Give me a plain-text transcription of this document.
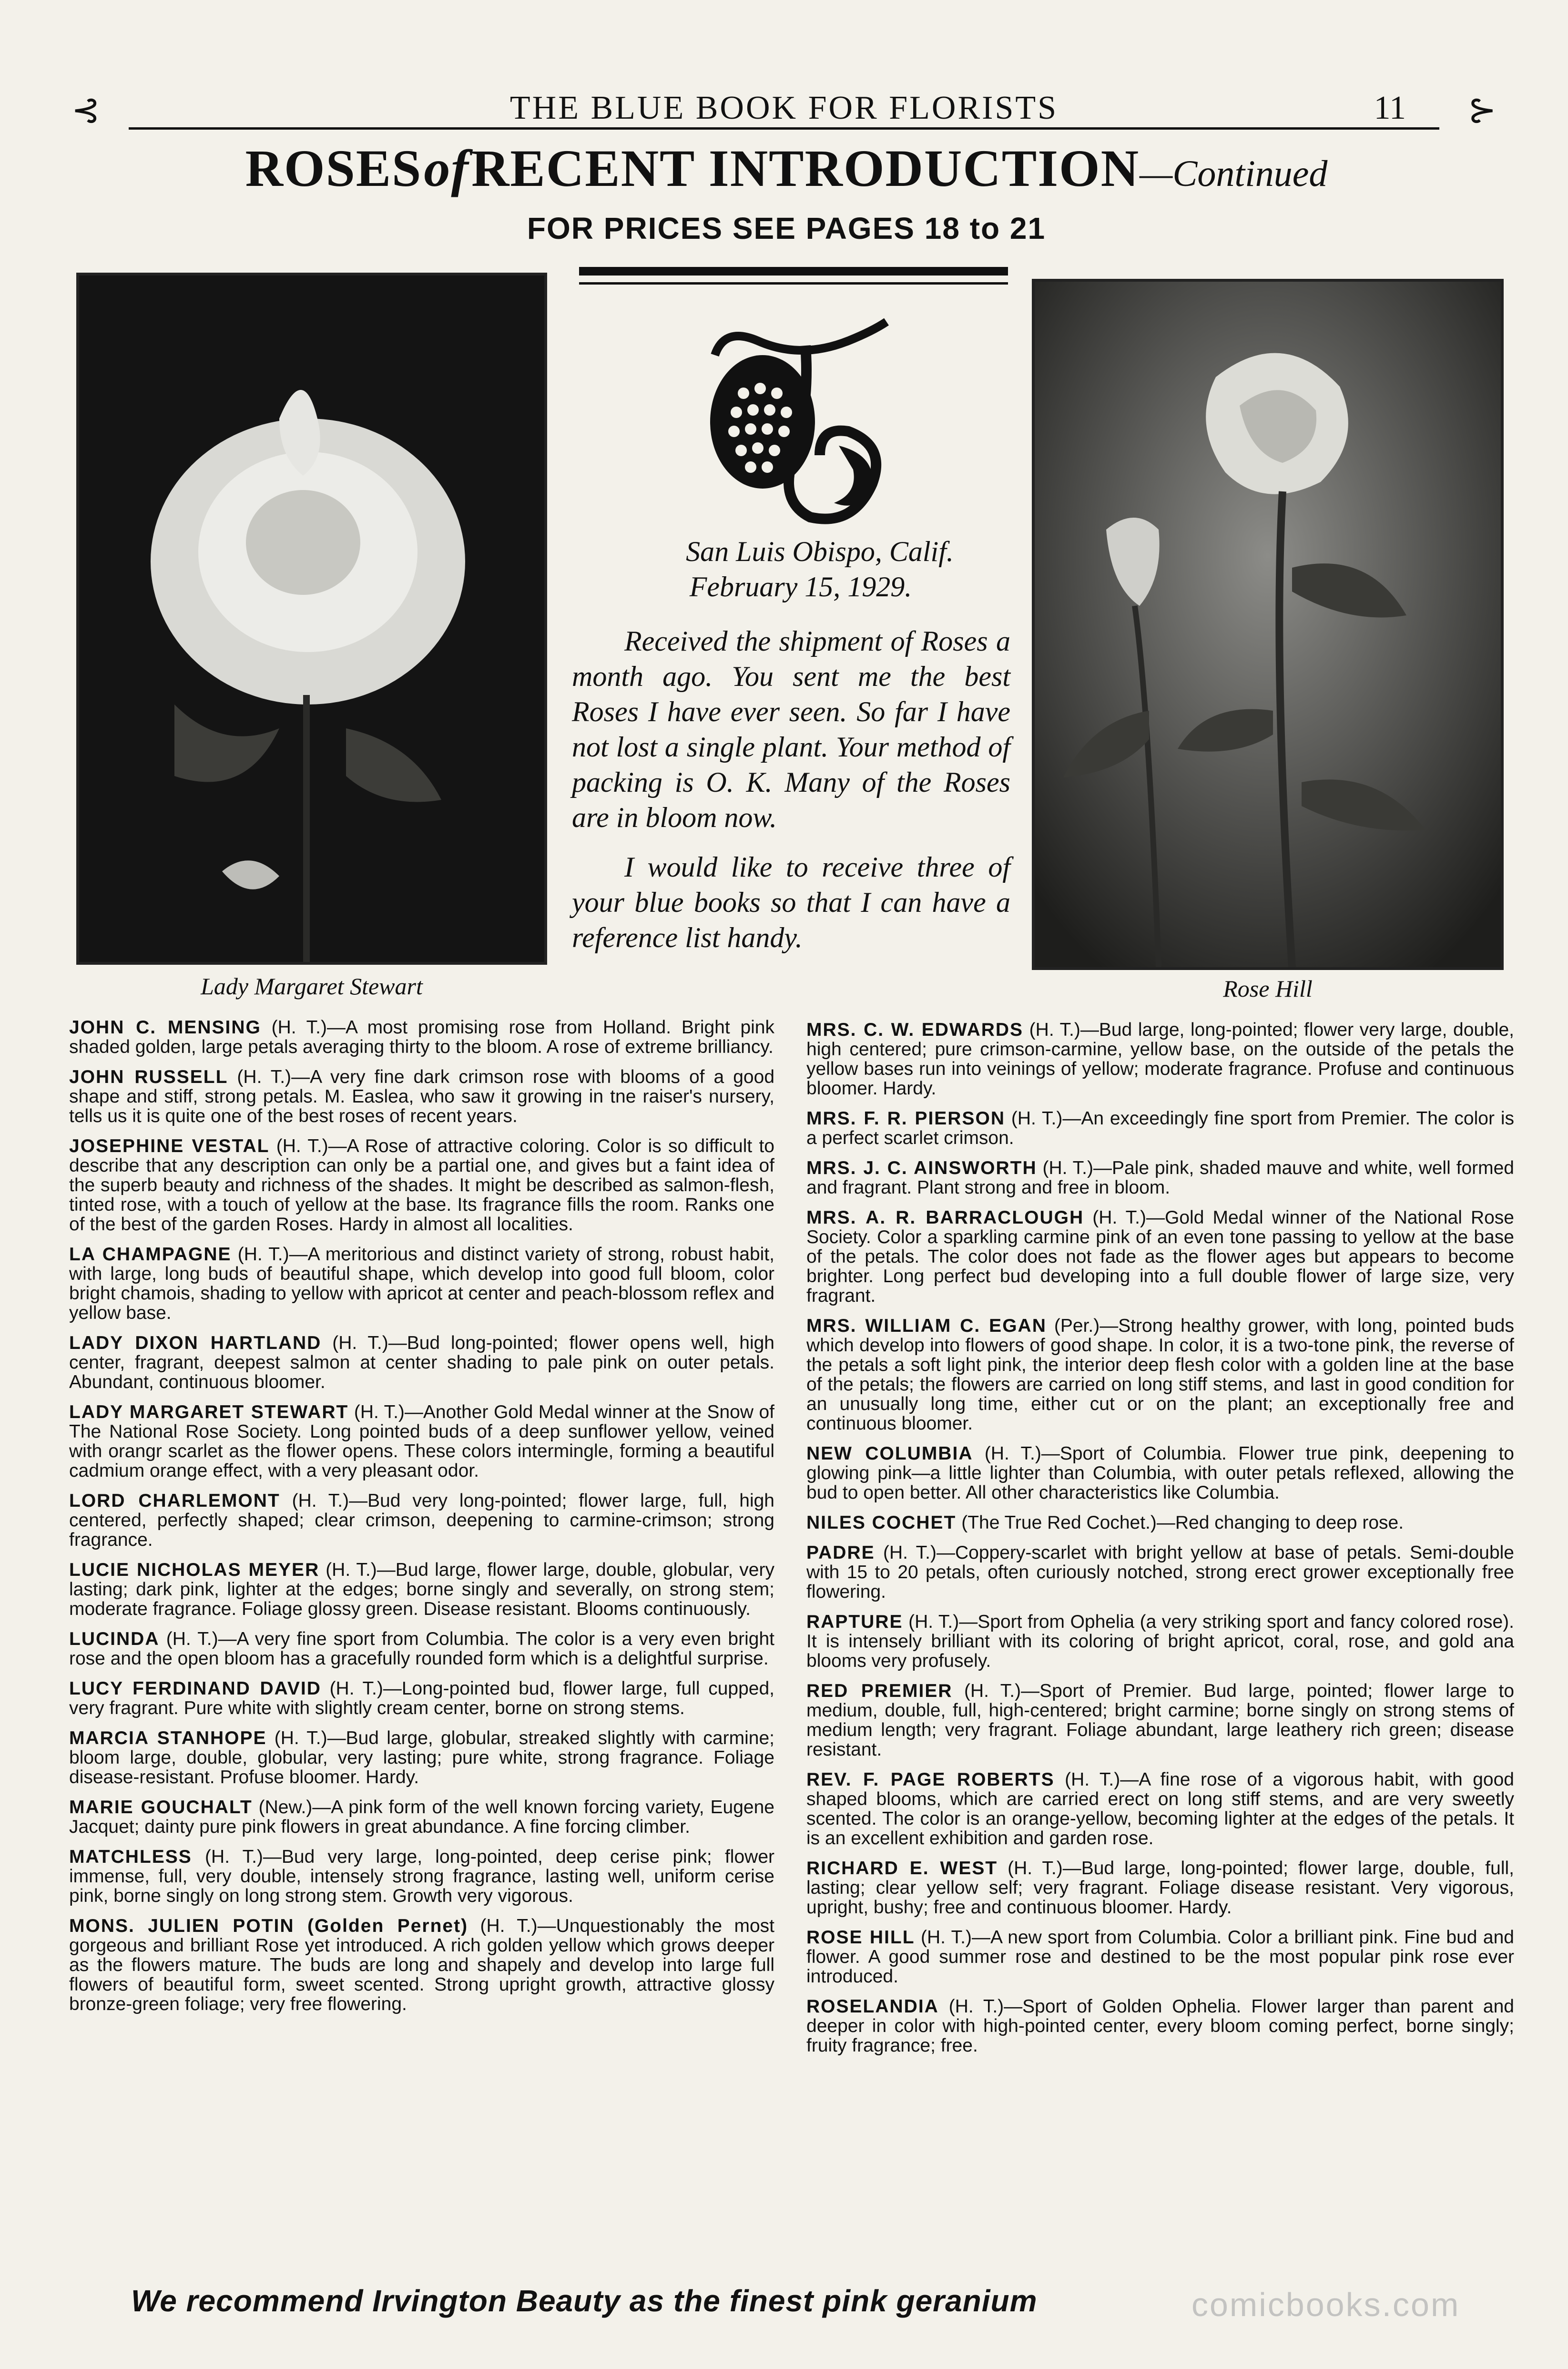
⊰	THE BLUE BOOK FOR FLORISTS	11 ⊱
ROSES of RECENT INTRODUCTION—Continued
FOR PRICES SEE PAGES 18 to 21
Lady Margaret Stewart

San Luis Obispo, Calif.

February 15, 1929.

Received the shipment of Roses a month ago. You sent me the best Roses I have ever seen. So far I have not lost a single plant. Your method of packing is O. K. Many of the Roses are in bloom now.

I would like to receive three of your blue books so that I can have a reference list handy.

Rose Hill
JOHN C. MENSING (H. T.)—A most promising rose from Holland. Bright pink shaded golden, large petals averaging thirty to the bloom. A rose of extreme brilliancy.
JOHN RUSSELL (H. T.)—A very fine dark crimson rose with blooms of a good shape and stiff, strong petals. M. Easlea, who saw it growing in tne raiser's nursery, tells us it is quite one of the best roses of recent years.
JOSEPHINE VESTAL (H. T.)—A Rose of attractive coloring. Color is so difficult to describe that any description can only be a partial one, and gives but a faint idea of the superb beauty and richness of the shades. It might be described as salmon-flesh, tinted rose, with a touch of yellow at the base. Its fragrance fills the room. Ranks one of the best of the garden Roses. Hardy in almost all localities.
LA CHAMPAGNE (H. T.)—A meritorious and distinct variety of strong, robust habit, with large, long buds of beautiful shape, which develop into good full bloom, color bright chamois, shading to yellow with apricot at center and peach-blossom reflex and yellow base.
LADY DIXON HARTLAND (H. T.)—Bud long-pointed; flower opens well, high center, fragrant, deepest salmon at center shading to pale pink on outer petals. Abundant, continuous bloomer.
LADY MARGARET STEWART (H. T.)—Another Gold Medal winner at the Snow of The National Rose Society. Long pointed buds of a deep sunflower yellow, veined with orangr scarlet as the flower opens. These colors intermingle, forming a beautiful cadmium orange effect, with a very pleasant odor.
LORD CHARLEMONT (H. T.)—Bud very long-pointed; flower large, full, high centered, perfectly shaped; clear crimson, deepening to carmine-crimson; strong fragrance.
LUCIE NICHOLAS MEYER (H. T.)—Bud large, flower large, double, globular, very lasting; dark pink, lighter at the edges; borne singly and severally, on strong stem; moderate fragrance. Foliage glossy green. Disease resistant. Blooms continuously.
LUCINDA (H. T.)—A very fine sport from Columbia. The color is a very even bright rose and the open bloom has a gracefully rounded form which is a delightful surprise.
LUCY FERDINAND DAVID (H. T.)—Long-pointed bud, flower large, full cupped, very fragrant. Pure white with slightly cream center, borne on strong stems.
MARCIA STANHOPE (H. T.)—Bud large, globular, streaked slightly with carmine; bloom large, double, globular, very lasting; pure white, strong fragrance. Foliage disease-resistant. Profuse bloomer. Hardy.
MARIE GOUCHALT (New.)—A pink form of the well known forcing variety, Eugene Jacquet; dainty pure pink flowers in great abundance. A fine forcing climber.
MATCHLESS (H. T.)—Bud very large, long-pointed, deep cerise pink; flower immense, full, very double, intensely strong fragrance, lasting well, uniform cerise pink, borne singly on long strong stem. Growth very vigorous.
MONS. JULIEN POTIN (Golden Pernet) (H. T.)—Unquestionably the most gorgeous and brilliant Rose yet introduced. A rich golden yellow which grows deeper as the flowers mature. The buds are long and shapely and develop into large full flowers of beautiful form, sweet scented. Strong upright growth, attractive glossy bronze-green foliage; very free flowering.
MRS. C. W. EDWARDS (H. T.)—Bud large, long-pointed; flower very large, double, high centered; pure crimson-carmine, yellow base, on the outside of the petals the yellow bases run into veinings of yellow; moderate fragrance. Profuse and continuous bloomer. Hardy.
MRS. F. R. PIERSON (H. T.)—An exceedingly fine sport from Premier. The color is a perfect scarlet crimson.
MRS. J. C. AINSWORTH (H. T.)—Pale pink, shaded mauve and white, well formed and fragrant. Plant strong and free in bloom.
MRS. A. R. BARRACLOUGH (H. T.)—Gold Medal winner of the National Rose Society. Color a sparkling carmine pink of an even tone passing to yellow at the base of the petals. The color does not fade as the flower ages but appears to become brighter. Long perfect bud developing into a full double flower of large size, very fragrant.
MRS. WILLIAM C. EGAN (Per.)—Strong healthy grower, with long, pointed buds which develop into flowers of good shape. In color, it is a two-tone pink, the reverse of the petals a soft light pink, the interior deep flesh color with a golden line at the base of the petals; the flowers are carried on long stiff stems, and last in good condition for an unusually long time, either cut or on the plant; an exceptionally free and continuous bloomer.
NEW COLUMBIA (H. T.)—Sport of Columbia. Flower true pink, deepening to glowing pink—a little lighter than Columbia, with outer petals reflexed, allowing the bud to open better. All other characteristics like Columbia.
NILES COCHET (The True Red Cochet.)—Red changing to deep rose.
PADRE (H. T.)—Coppery-scarlet with bright yellow at base of petals. Semi-double with 15 to 20 petals, often curiously notched, strong erect grower exceptionally free flowering.
RAPTURE (H. T.)—Sport from Ophelia (a very striking sport and fancy colored rose). It is intensely brilliant with its coloring of bright apricot, coral, rose, and gold ana blooms very profusely.
RED PREMIER (H. T.)—Sport of Premier. Bud large, pointed; flower large to medium, double, full, high-centered; bright carmine; borne singly on strong stems of medium length; very fragrant. Foliage abundant, large leathery rich green; disease resistant.
REV. F. PAGE ROBERTS (H. T.)—A fine rose of a vigorous habit, with good shaped blooms, which are carried erect on long stiff stems, and are very sweetly scented. The color is an orange-yellow, becoming lighter at the edges of the petals. It is an excellent exhibition and garden rose.
RICHARD E. WEST (H. T.)—Bud large, long-pointed; flower large, double, full, lasting; clear yellow self; very fragrant. Foliage disease resistant. Very vigorous, upright, bushy; free and continuous bloomer. Hardy.
ROSE HILL (H. T.)—A new sport from Columbia. Color a brilliant pink. Fine bud and flower. A good summer rose and destined to be the most popular pink rose ever introduced.
ROSELANDIA (H. T.)—Sport of Golden Ophelia. Flower larger than parent and deeper in color with high-pointed center, every bloom coming perfect, borne singly; fruity fragrance; free.
We recommend Irvington Beauty as the finest pink geranium	comicbooks.com
